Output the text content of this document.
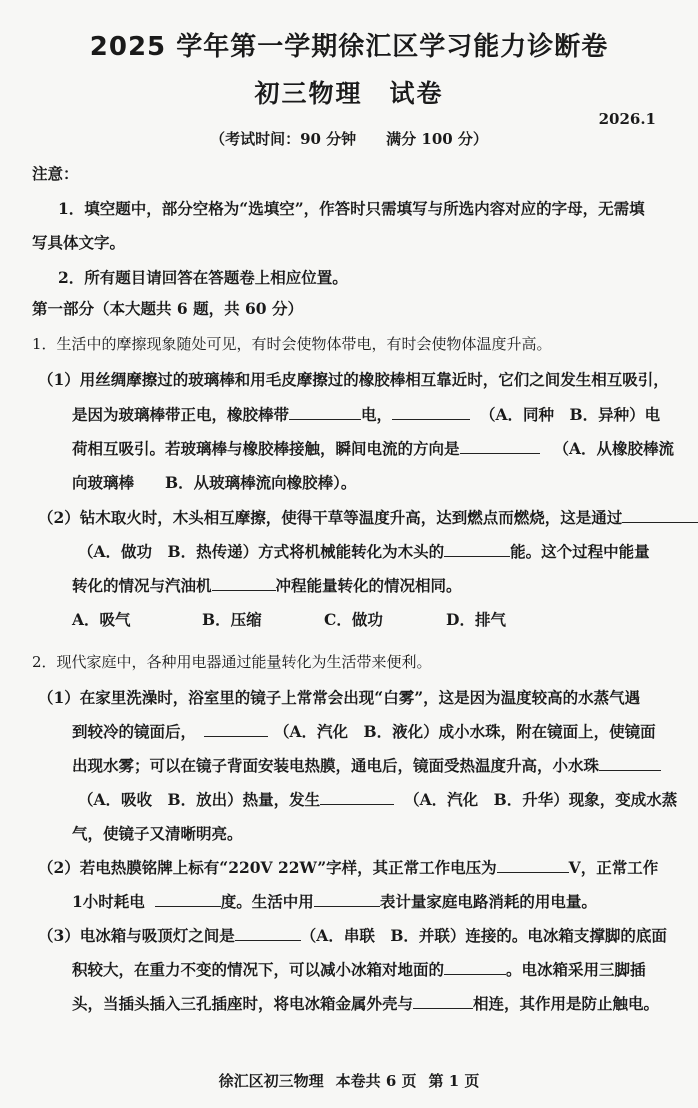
2025 学年第一学期徐汇区学习能力诊断卷
初三物理　试卷
2026.1
（考试时间：90 分钟　　满分 100 分）
注意：
1．填空题中，部分空格为“选填空”，作答时只需填写与所选内容对应的字母，无需填
写具体文字。
2．所有题目请回答在答题卷上相应位置。
第一部分（本大题共 6 题，共 60 分）
1．生活中的摩擦现象随处可见，有时会使物体带电，有时会使物体温度升高。
（1）用丝绸摩擦过的玻璃棒和用毛皮摩擦过的橡胶棒相互靠近时，它们之间发生相互吸引，
是因为玻璃棒带正电，橡胶棒带	电，	（A．同种　B．异种）电
荷相互吸引。若玻璃棒与橡胶棒接触，瞬间电流的方向是	（A．从橡胶棒流
向玻璃棒　　B．从玻璃棒流向橡胶棒）。
（2）钻木取火时，木头相互摩擦，使得干草等温度升高，达到燃点而燃烧，这是通过
（A．做功　B．热传递）方式将机械能转化为木头的	能。这个过程中能量
转化的情况与汽油机	冲程能量转化的情况相同。
A．吸气	B．压缩	C．做功	D．排气
2．现代家庭中，各种用电器通过能量转化为生活带来便利。
（1）在家里洗澡时，浴室里的镜子上常常会出现“白雾”，这是因为温度较高的水蒸气遇
到较冷的镜面后，	（A．汽化　B．液化）成小水珠，附在镜面上，使镜面
出现水雾；可以在镜子背面安装电热膜，通电后，镜面受热温度升高，小水珠
（A．吸收　B．放出）热量，发生	（A．汽化　B．升华）现象，变成水蒸
气，使镜子又清晰明亮。
（2）若电热膜铭牌上标有“220V 22W”字样，其正常工作电压为	V，正常工作
1小时耗电	度。生活中用	表计量家庭电路消耗的用电量。
（3）电冰箱与吸顶灯之间是	（A．串联　B．并联）连接的。电冰箱支撑脚的底面
积较大，在重力不变的情况下，可以减小冰箱对地面的	。电冰箱采用三脚插
头，当插头插入三孔插座时，将电冰箱金属外壳与	相连，其作用是防止触电。
徐汇区初三物理 本卷共 6 页 第 1 页
